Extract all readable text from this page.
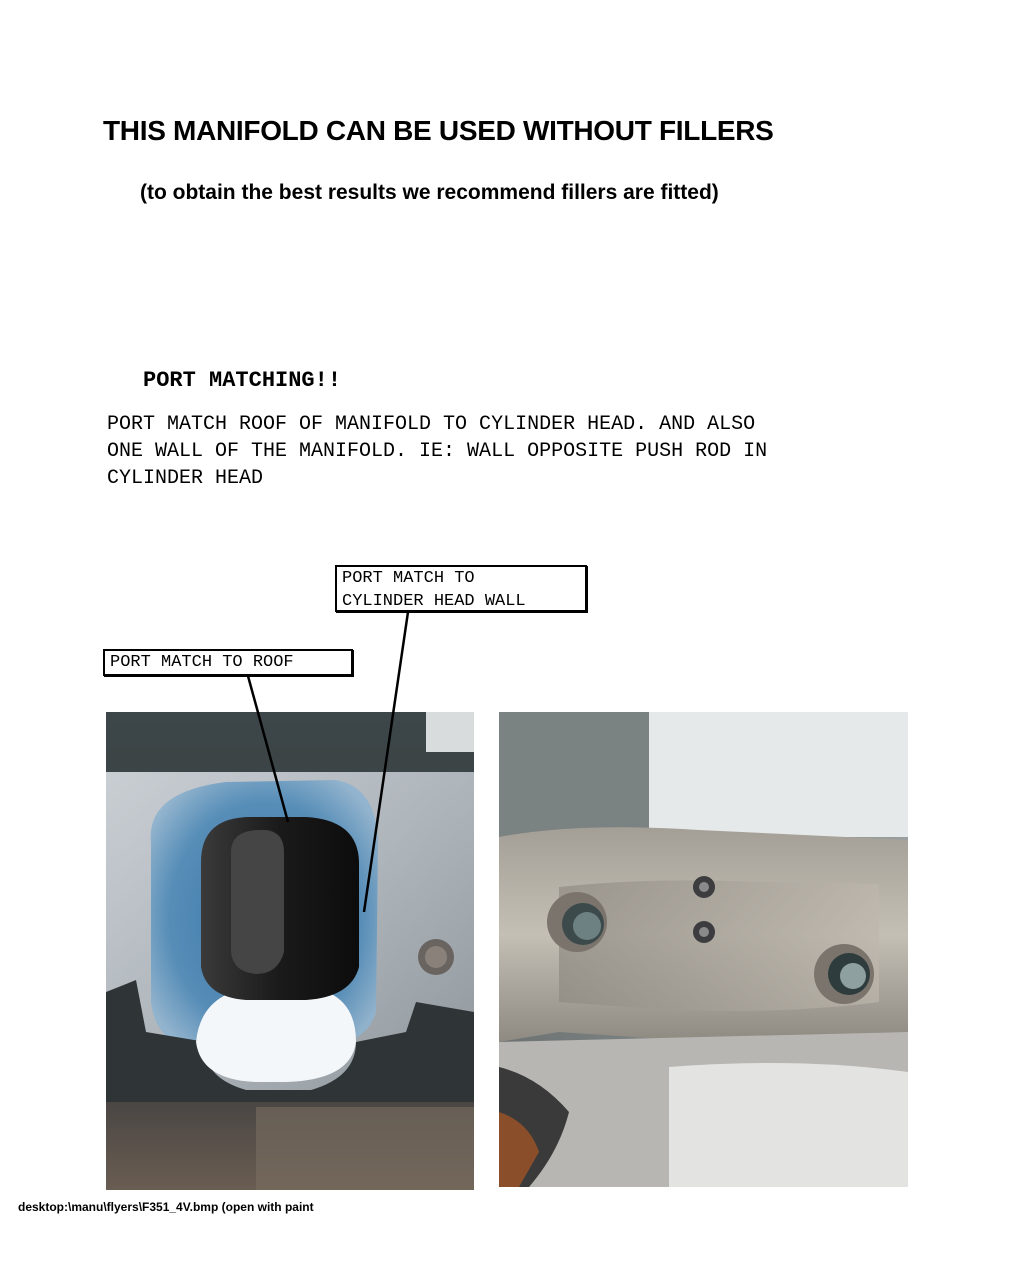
THIS MANIFOLD CAN BE USED WITHOUT FILLERS
(to obtain the best results we recommend fillers are fitted)
PORT MATCHING!!
PORT MATCH ROOF OF MANIFOLD TO CYLINDER HEAD. AND ALSO
ONE WALL OF THE MANIFOLD. IE: WALL OPPOSITE PUSH ROD IN
CYLINDER HEAD
PORT MATCH TO
CYLINDER HEAD WALL
PORT MATCH TO ROOF
desktop:\manu\flyers\F351_4V.bmp (open with paint
